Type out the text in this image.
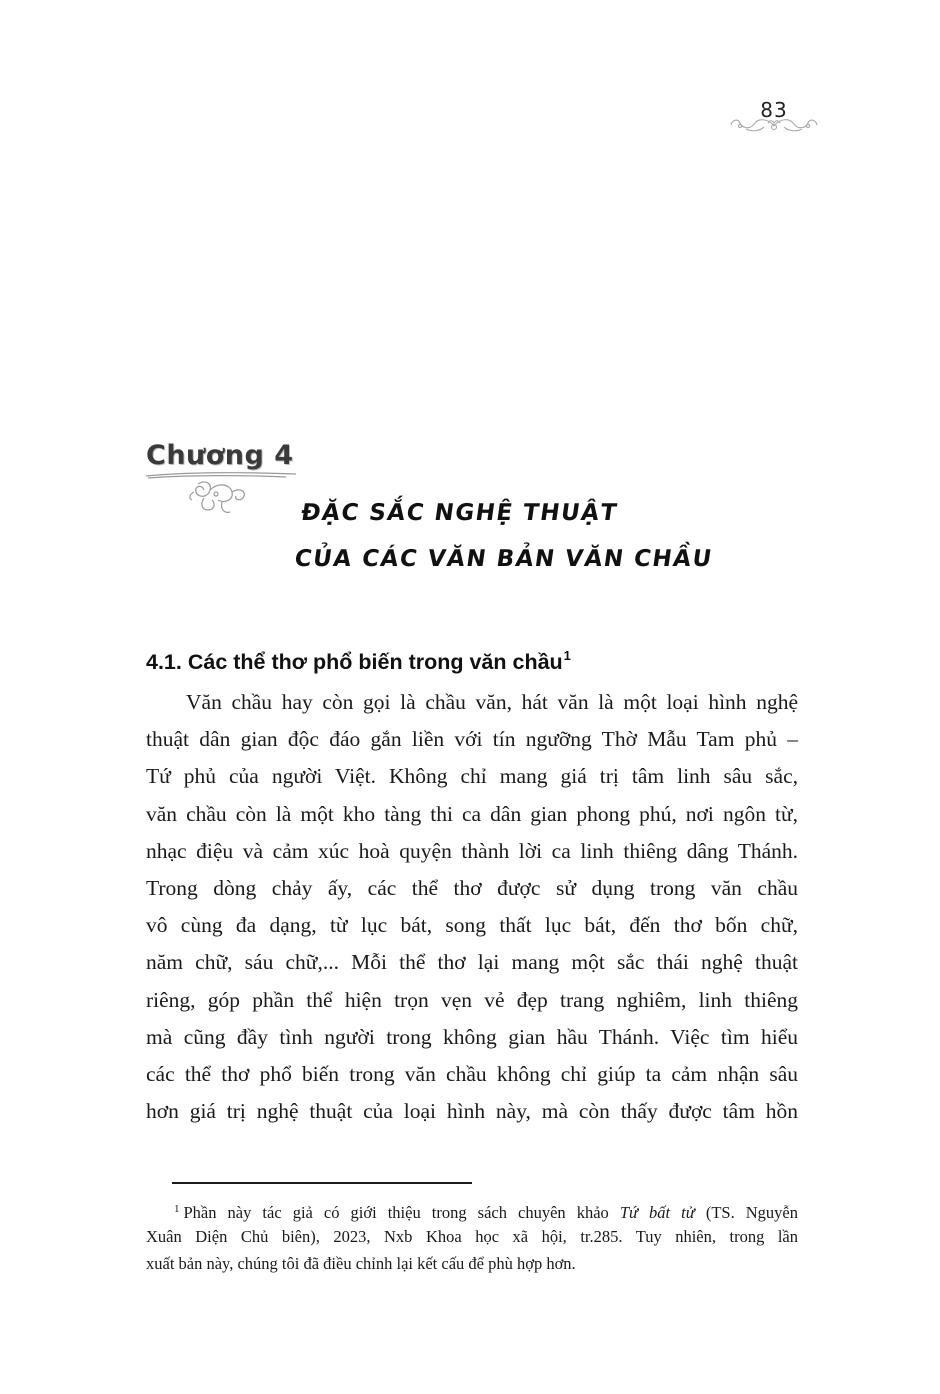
83
Chương 4
ĐẶC SẮC NGHỆ THUẬT
CỦA CÁC VĂN BẢN VĂN CHẦU
4.1. Các thể thơ phổ biến trong văn chầu$^1$
Văn chầu hay còn gọi là chầu văn, hát văn là một loại hình nghệ
thuật dân gian độc đáo gắn liền với tín ngưỡng Thờ Mẫu Tam phủ –
Tứ phủ của người Việt. Không chỉ mang giá trị tâm linh sâu sắc,
văn chầu còn là một kho tàng thi ca dân gian phong phú, nơi ngôn từ,
nhạc điệu và cảm xúc hoà quyện thành lời ca linh thiêng dâng Thánh.
Trong dòng chảy ấy, các thể thơ được sử dụng trong văn chầu
vô cùng đa dạng, từ lục bát, song thất lục bát, đến thơ bốn chữ,
năm chữ, sáu chữ,... Mỗi thể thơ lại mang một sắc thái nghệ thuật
riêng, góp phần thể hiện trọn vẹn vẻ đẹp trang nghiêm, linh thiêng
mà cũng đầy tình người trong không gian hầu Thánh. Việc tìm hiểu
các thể thơ phổ biến trong văn chầu không chỉ giúp ta cảm nhận sâu
hơn giá trị nghệ thuật của loại hình này, mà còn thấy được tâm hồn
$^1$ Phần này tác giả có giới thiệu trong sách chuyên khảo Tứ bất tử (TS. Nguyễn
Xuân Diện Chủ biên), 2023, Nxb Khoa học xã hội, tr.285. Tuy nhiên, trong lần
xuất bản này, chúng tôi đã điều chỉnh lại kết cấu để phù hợp hơn.
